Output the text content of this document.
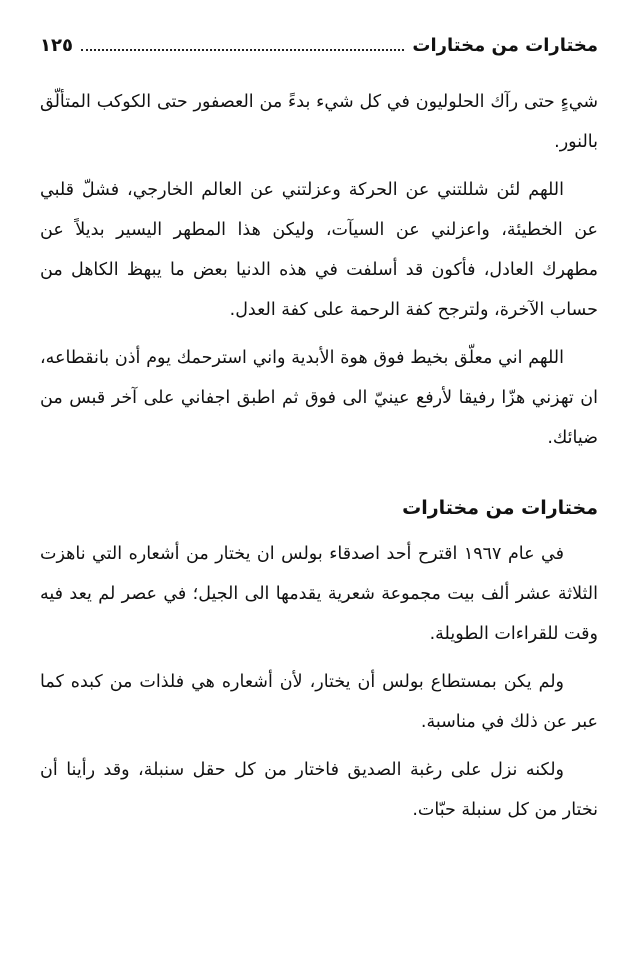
مختارات من مختارات
١٢٥

شيءٍ حتى رآك الحلوليون في كل شيء بدءً من العصفور حتى الكوكب المتألّق بالنور.

اللهم لئن شللتني عن الحركة وعزلتني عن العالم الخارجي، فشلّ قلبي عن الخطيئة، واعزلني عن السيآت، وليكن هذا المطهر اليسير بديلاً عن مطهرك العادل، فأكون قد أسلفت في هذه الدنيا بعض ما يبهظ الكاهل من حساب الآخرة، ولترجح كفة الرحمة على كفة العدل.

اللهم اني معلّق بخيط فوق هوة الأبدية واني استرحمك يوم أذن بانقطاعه، ان تهزني هزّا رفيقا لأرفع عينيّ الى فوق ثم اطبق اجفاني على آخر قبس من ضيائك.

مختارات من مختارات

في عام ١٩٦٧ اقترح أحد اصدقاء بولس ان يختار من أشعاره التي ناهزت الثلاثة عشر ألف بيت مجموعة شعرية يقدمها الى الجيل؛ في عصر لم يعد فيه وقت للقراءات الطويلة.

ولم يكن بمستطاع بولس أن يختار، لأن أشعاره هي فلذات من كبده كما عبر عن ذلك في مناسبة.

ولكنه نزل على رغبة الصديق فاختار من كل حقل سنبلة، وقد رأينا أن نختار من كل سنبلة حبّات.
